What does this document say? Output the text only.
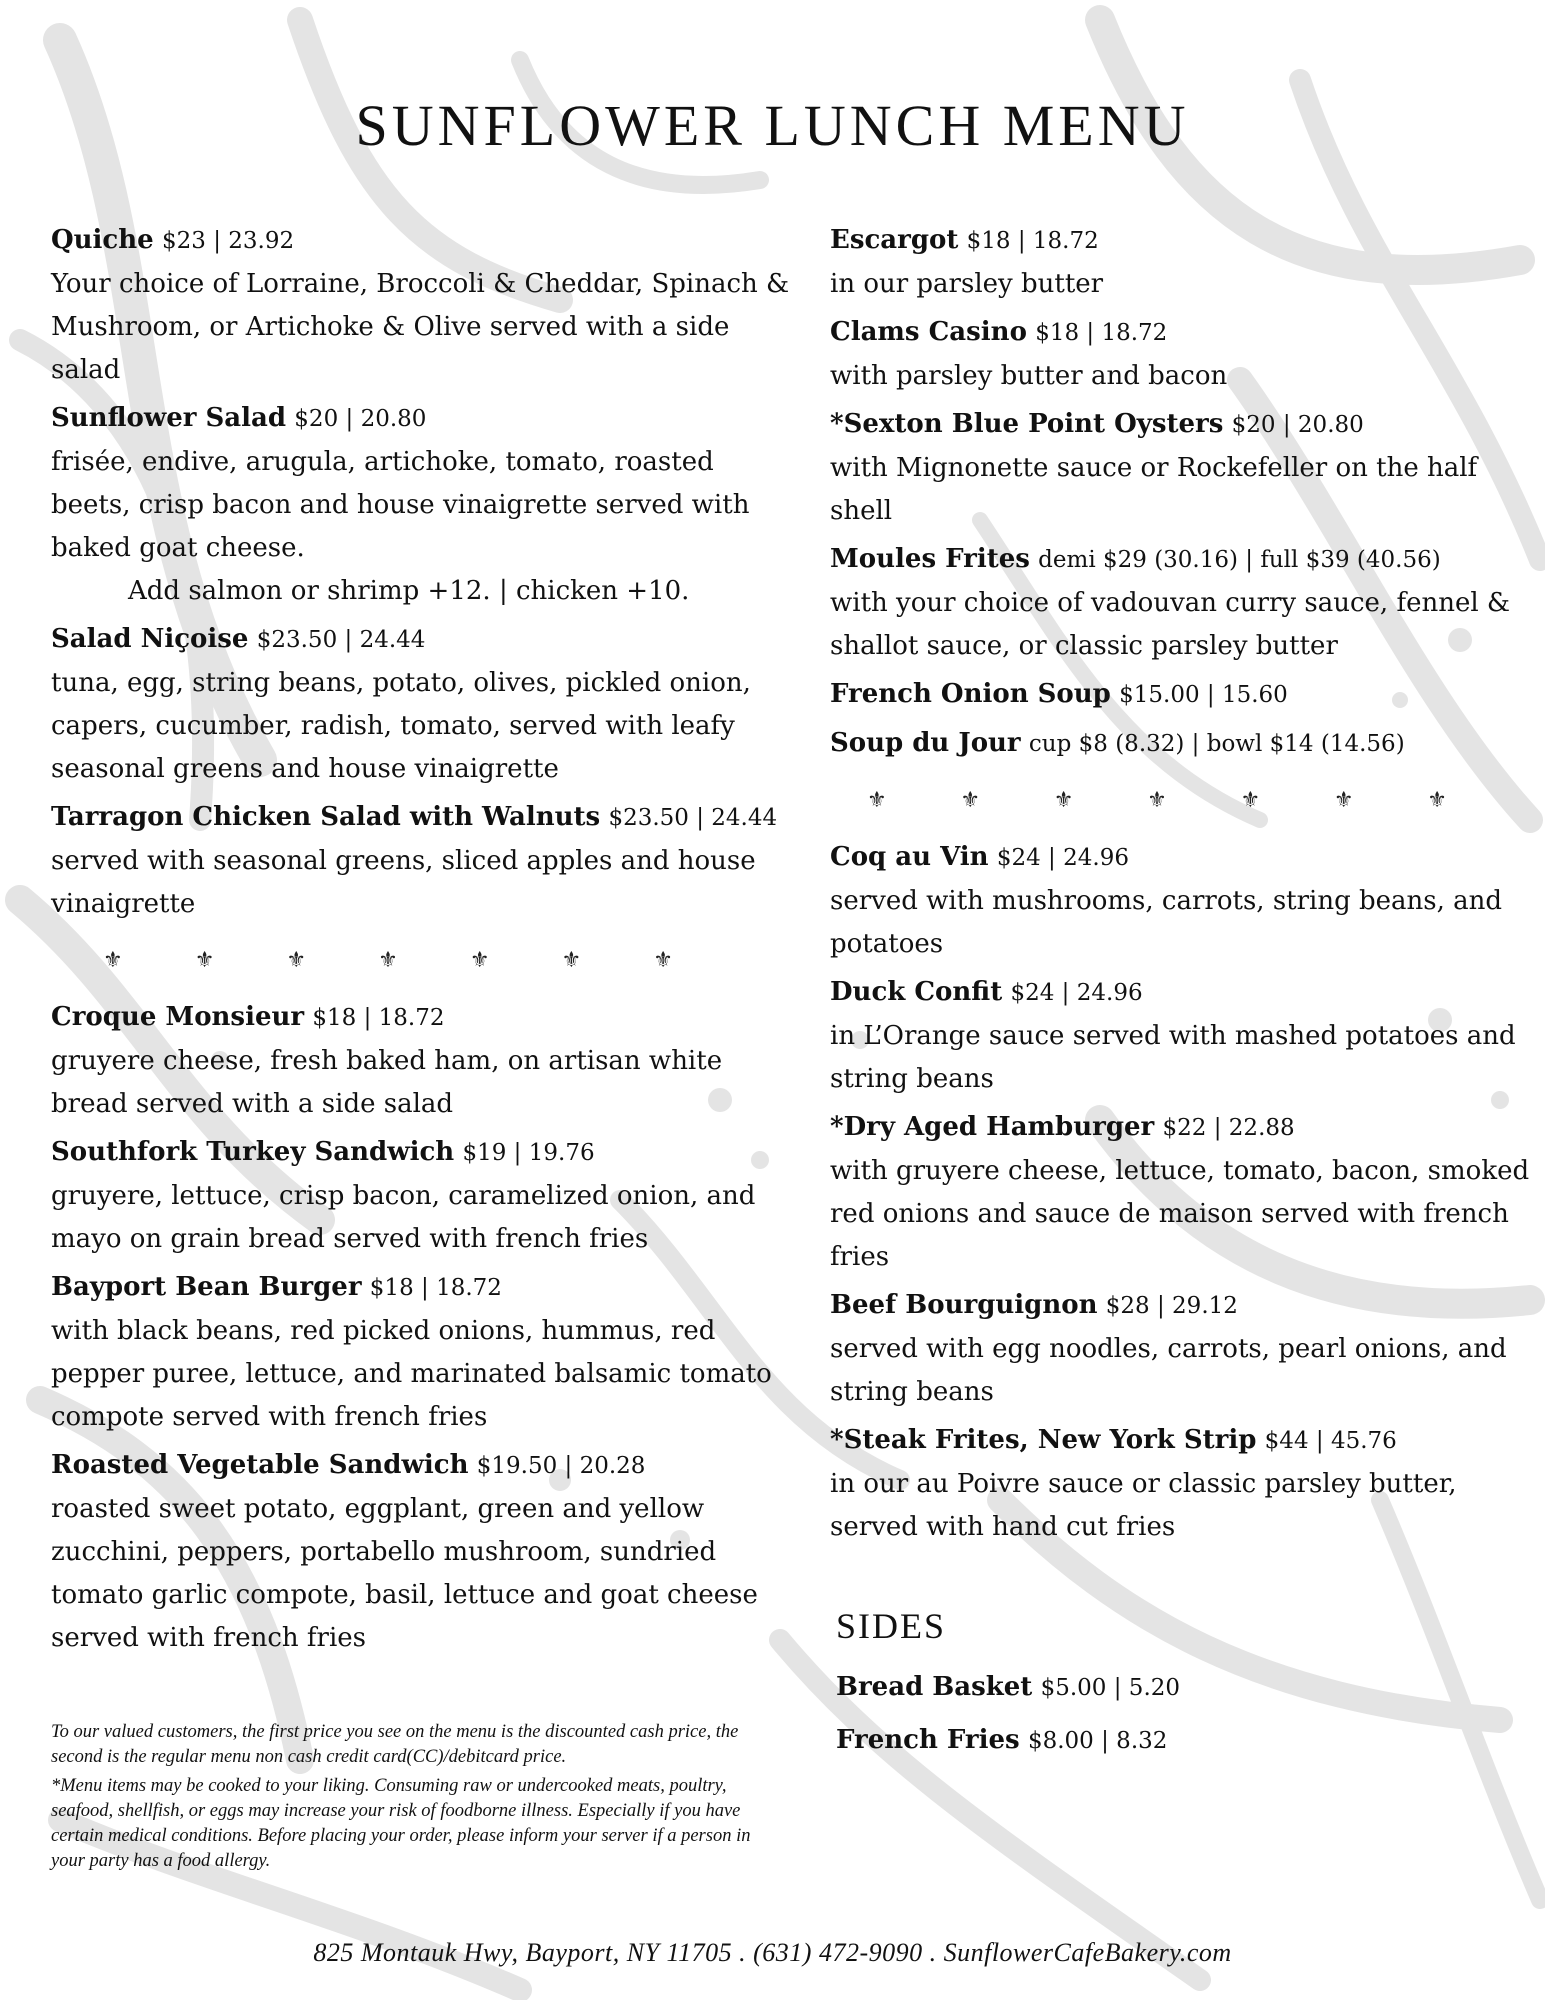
SUNFLOWER LUNCH MENU
Quiche $23 | 23.92
Your choice of Lorraine, Broccoli & Cheddar, Spinach & Mushroom, or Artichoke & Olive served with a side salad
Sunflower Salad $20 | 20.80
frisée, endive, arugula, artichoke, tomato, roasted beets, crisp bacon and house vinaigrette served with baked goat cheese.
Add salmon or shrimp +12. | chicken +10.
Salad Niçoise $23.50 | 24.44
tuna, egg, string beans, potato, olives, pickled onion, capers, cucumber, radish, tomato, served with leafy seasonal greens and house vinaigrette
Tarragon Chicken Salad with Walnuts $23.50 | 24.44
served with seasonal greens, sliced apples and house vinaigrette
⚜	⚜	⚜	⚜	⚜	⚜	⚜
Croque Monsieur $18 | 18.72
gruyere cheese, fresh baked ham, on artisan white bread served with a side salad
Southfork Turkey Sandwich $19 | 19.76
gruyere, lettuce, crisp bacon, caramelized onion, and mayo on grain bread served with french fries
Bayport Bean Burger $18 | 18.72
with black beans, red picked onions, hummus, red pepper puree, lettuce, and marinated balsamic tomato compote served with french fries
Roasted Vegetable Sandwich $19.50 | 20.28
roasted sweet potato, eggplant, green and yellow zucchini, peppers, portabello mushroom, sundried tomato garlic compote, basil, lettuce and goat cheese served with french fries
Escargot $18 | 18.72
in our parsley butter
Clams Casino $18 | 18.72
with parsley butter and bacon
*Sexton Blue Point Oysters $20 | 20.80
with Mignonette sauce or Rockefeller on the half shell
Moules Frites demi $29 (30.16) | full $39 (40.56)
with your choice of vadouvan curry sauce, fennel & shallot sauce, or classic parsley butter
French Onion Soup $15.00 | 15.60
Soup du Jour cup $8 (8.32) | bowl $14 (14.56)
⚜	⚜	⚜	⚜	⚜	⚜	⚜
Coq au Vin $24 | 24.96
served with mushrooms, carrots, string beans, and potatoes
Duck Confit $24 | 24.96
in L’Orange sauce served with mashed potatoes and string beans
*Dry Aged Hamburger $22 | 22.88
with gruyere cheese, lettuce, tomato, bacon, smoked red onions and sauce de maison served with french fries
Beef Bourguignon $28 | 29.12
served with egg noodles, carrots, pearl onions, and string beans
*Steak Frites, New York Strip $44 | 45.76
in our au Poivre sauce or classic parsley butter, served with hand cut fries
SIDES
Bread Basket $5.00 | 5.20
French Fries $8.00 | 8.32

To our valued customers, the first price you see on the menu is the discounted cash price, the second is the regular menu non cash credit card(CC)/debitcard price.

*Menu items may be cooked to your liking. Consuming raw or undercooked meats, poultry, seafood, shellfish, or eggs may increase your risk of foodborne illness. Especially if you have certain medical conditions. Before placing your order, please inform your server if a person in your party has a food allergy.

825 Montauk Hwy, Bayport, NY 11705 . (631) 472-9090 . SunflowerCafeBakery.com
